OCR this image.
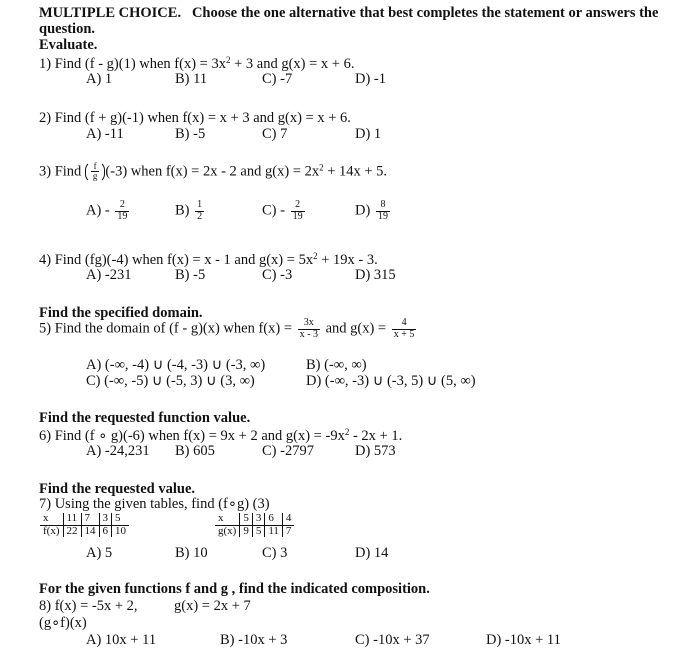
MULTIPLE CHOICE. Choose the one alternative that best completes the statement or answers the
question.
Evaluate.
1) Find (f - g)(1) when $f(x) = 3x^2 + 3$ and g(x) = x + 6.
A) 1	B) 11	C) -7	D) -1
2) Find (f + g)(-1) when f(x) = x + 3 and g(x) = x + 6.
A) -11	B) -5	C) 7	D) 1
3) Find $\frac{f}{g} (-3)$ when f(x) = 2x - 2 and $g(x) = 2x^2 + 14x + 5$.
$A) - \frac{2}{19}$	$B) \frac{1}{2}$	$C) - \frac{2}{19}$	$D) \frac{8}{19}$
4) Find (fg)(-4) when f(x) = x - 1 and $g(x) = 5x^2 + 19x - 3$.
A) -231	B) -5	C) -3	D) 315
Find the specified domain.
5) Find the domain of (f - g)(x) when $f(x) = \frac{3x}{x - 3}$ and $g(x) = \frac{4}{x + 5}$
A) (-∞, -4) ∪ (-4, -3) ∪ (-3, ∞)	B) (-∞, ∞)
C) (-∞, -5) ∪ (-5, 3) ∪ (3, ∞)	D) (-∞, -3) ∪ (-3, 5) ∪ (5, ∞)
Find the requested function value.
6) Find (f ∘ g)(-6) when f(x) = 9x + 2 and $g(x) = -9x^2 - 2x + 1$.
A) -24,231 B) 605	C) -2797	D) 573
Find the requested value.
7) Using the given tables, find (f∘g) (3)
x	11	7	3	5
f(x)	22	14	6	10
x	5	3	6	4
g(x)	9	5	11	7
A) 5	B) 10	C) 3	D) 14
For the given functions f and g , find the indicated composition.
8) f(x) = -5x + 2,	g(x) = 2x + 7
(g∘f)(x)
A) 10x + 11	B) -10x + 3	C) -10x + 37	D) -10x + 11
